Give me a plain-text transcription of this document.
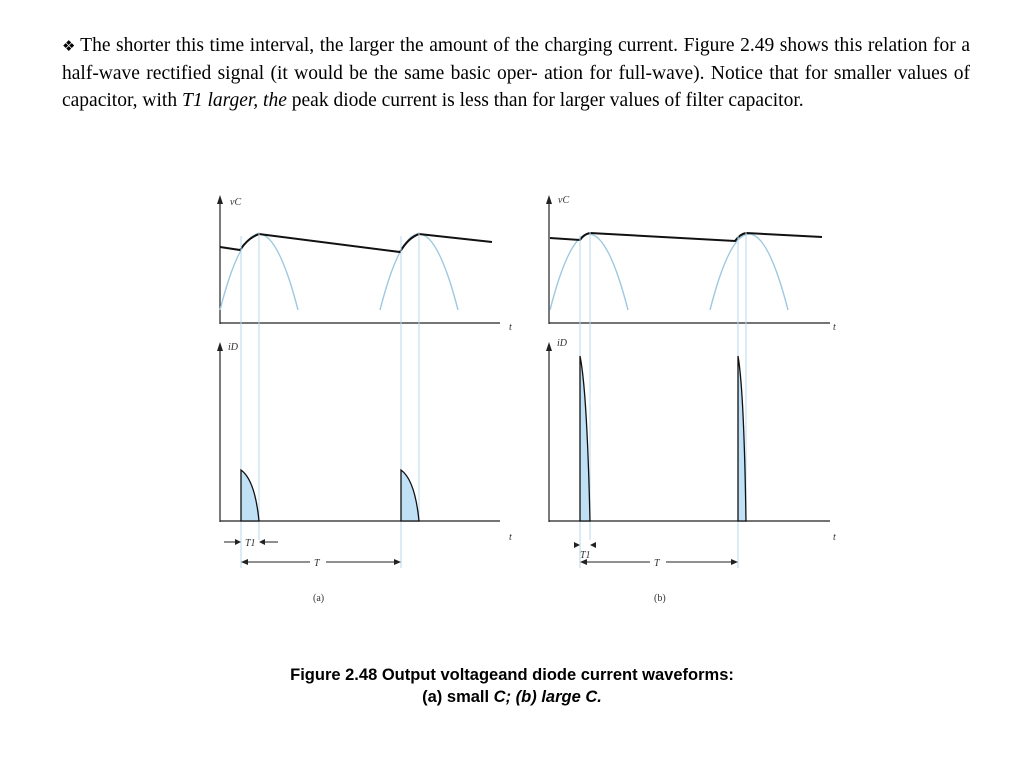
❖ The shorter this time interval, the larger the amount of the charging current. Figure 2.49 shows this relation for a half-wave rectified signal (it would be the same basic oper- ation for full-wave). Notice that for smaller values of capacitor, with T1 larger, the peak diode current is less than for larger values of filter capacitor.

vC
t
iD
t
T1
T
(a)
vC
t
iD
t
T1
T
(b)

Figure 2.48 Output voltageand diode current waveforms:
(a) small C; (b) large C.
